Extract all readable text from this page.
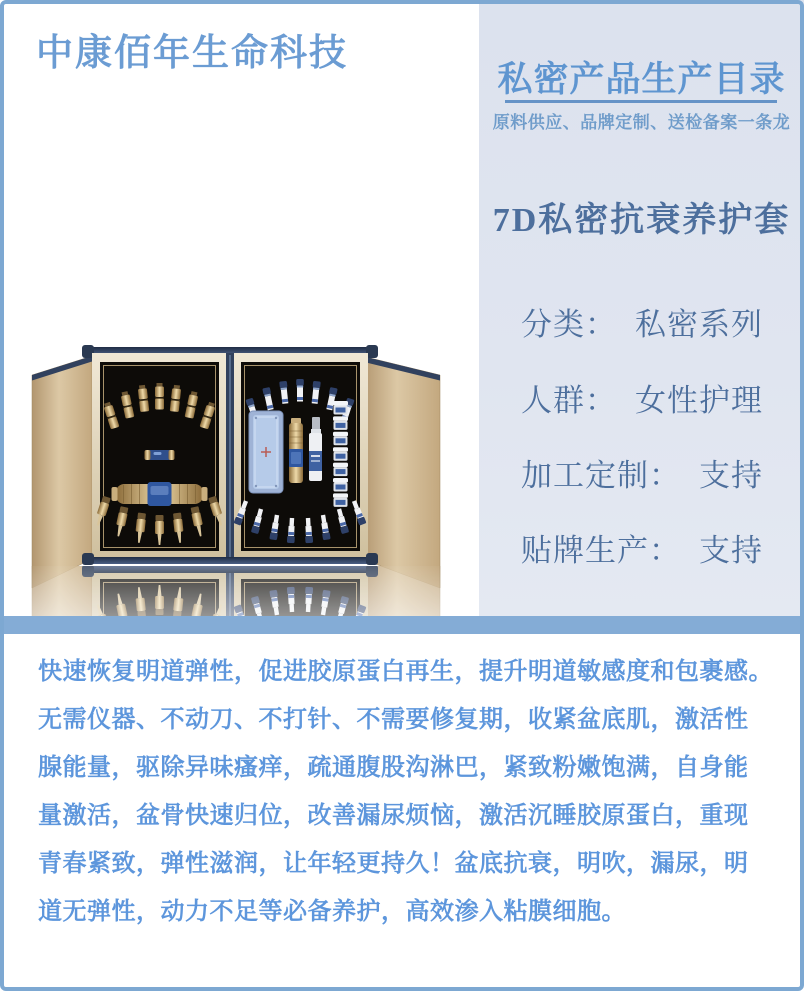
中康佰年生命科技
私密产品生产目录
原料供应、品牌定制、送检备案一条龙
7D私密抗衰养护套
分类： 私密系列
人群： 女性护理
加工定制： 支持
贴牌生产： 支持
快速恢复明道弹性，促进胶原蛋白再生，提升明道敏感度和包裹感。
无需仪器、不动刀、不打针、不需要修复期，收紧盆底肌，激活性
腺能量，驱除异味瘙痒，疏通腹股沟淋巴，紧致粉嫩饱满，自身能
量激活，盆骨快速归位，改善漏尿烦恼，激活沉睡胶原蛋白，重现
青春紧致，弹性滋润，让年轻更持久！盆底抗衰，明吹，漏尿，明
道无弹性，动力不足等必备养护，高效渗入粘膜细胞。
